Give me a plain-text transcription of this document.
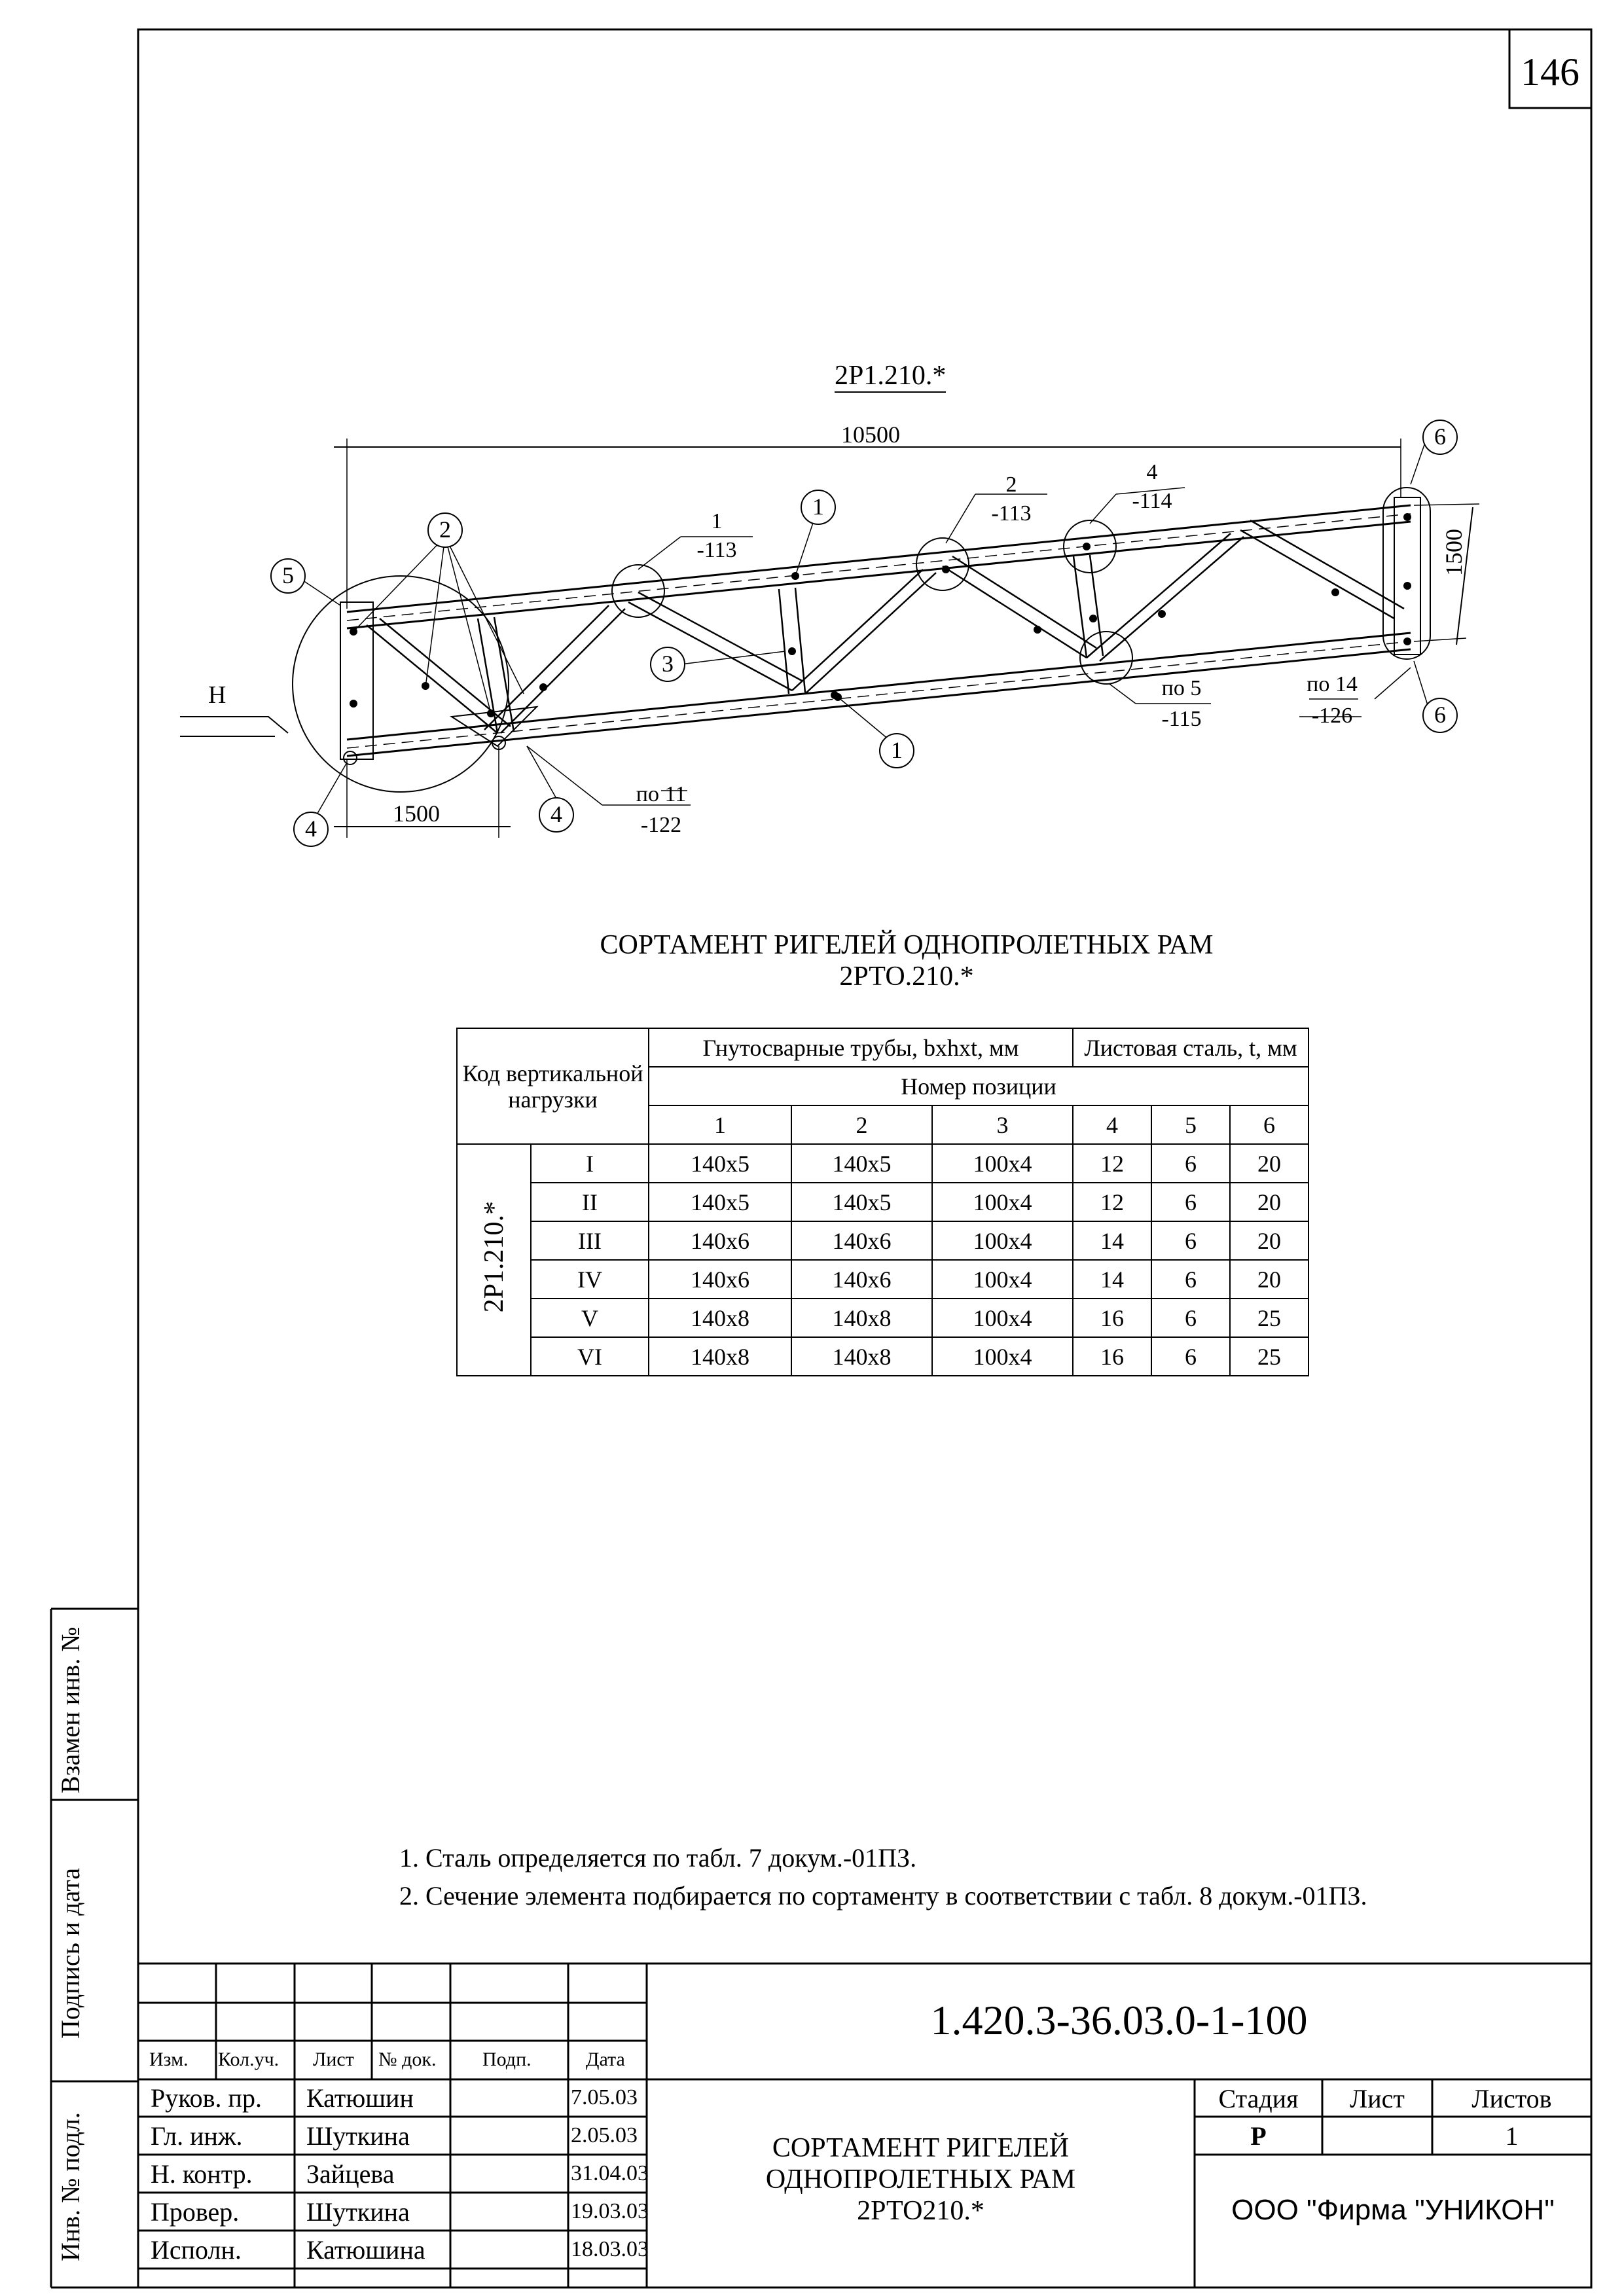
146
2Р1.210.*
10500
1500
1500
Н
2
5
1
3
1
6
6
4
4
1
-113
2
-113
4
-114
по 5
-115
по 14
-126
по 11
-122
СОРТАМЕНТ РИГЕЛЕЙ ОДНОПРОЛЕТНЫХ РАМ
2РТО.210.*
Код вертикальной нагрузки		Гнутосварные трубы, bxhxt, мм			Листовая сталь, t, мм		
		Номер позиции					
		1	2	3	4	5	6
2Р1.210.*	I	140x5	140x5	100x4	12	6	20
	II	140x5	140x5	100x4	12	6	20
	III	140x6	140x6	100x4	14	6	20
	IV	140x6	140x6	100x4	14	6	20
	V	140x8	140x8	100x4	16	6	25
	VI	140x8	140x8	100x4	16	6	25
1. Сталь определяется по табл. 7 докум.-01ПЗ.
2. Сечение элемента подбирается по сортаменту в соответствии с табл. 8 докум.-01ПЗ.
Взамен инв. №
Подпись и дата
Инв. № подл.
1.420.3-36.03.0-1-100
Изм. Кол.уч. Лист № док. Подп.	Дата
Руков. пр. Катюшин	7.05.03
Гл. инж. Шуткина	2.05.03
Н. контр. Зайцева	31.04.03
Провер.	Шуткина	19.03.03
Исполн. Катюшина	18.03.03
СОРТАМЕНТ РИГЕЛЕЙ
ОДНОПРОЛЕТНЫХ РАМ
2РТО210.*
Стадия	Лист	Листов
Р	1
ООО "Фирма "УНИКОН"
